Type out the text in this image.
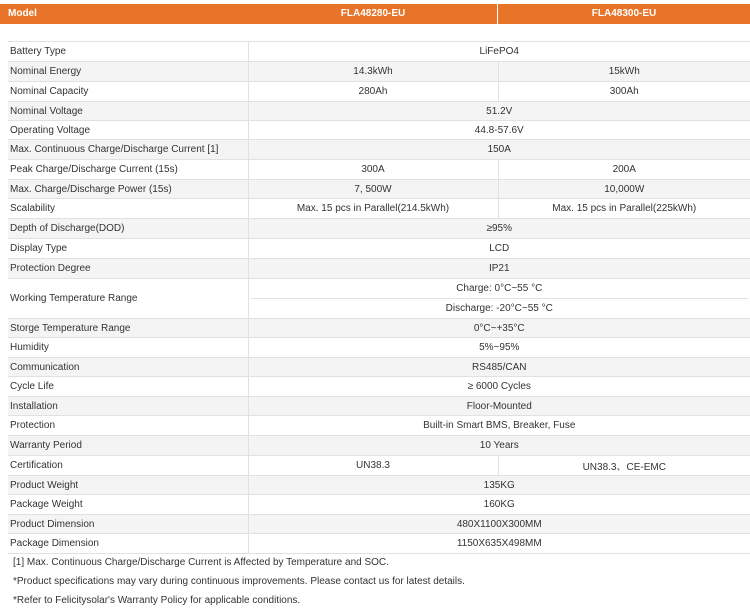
Model	FLA48280-EU	FLA48300-EU
Battery Type	LiFePO4	
Nominal Energy	14.3kWh	15kWh
Nominal Capacity	280Ah	300Ah
Nominal Voltage	51.2V	
Operating Voltage	44.8-57.6V	
Max. Continuous Charge/Discharge Current [1]	150A	
Peak Charge/Discharge Current (15s)	300A	200A
Max. Charge/Discharge Power (15s)	7, 500W	10,000W
Scalability	Max. 15 pcs in Parallel(214.5kWh)	Max. 15 pcs in Parallel(225kWh)
Depth of Discharge(DOD)	≥95%	
Display Type	LCD	
Protection Degree	IP21	
Working Temperature Range	Charge: 0°C~55 °C
Discharge: -20°C~55 °C	

Storge Temperature Range	0°C~+35°C	
Humidity	5%~95%	
Communication	RS485/CAN	
Cycle Life	≥ 6000 Cycles	
Installation	Floor-Mounted	
Protection	Built-in Smart BMS, Breaker, Fuse	
Warranty Period	10 Years	
Certification	UN38.3	UN38.3、CE-EMC
Product Weight	135KG	
Package Weight	160KG	
Product Dimension	480X1100X300MM	
Package Dimension	1150X635X498MM	
[1] Max. Continuous Charge/Discharge Current is Affected by Temperature and SOC.
*Product specifications may vary during continuous improvements. Please contact us for latest details.
*Refer to Felicitysolar's Warranty Policy for applicable conditions.
